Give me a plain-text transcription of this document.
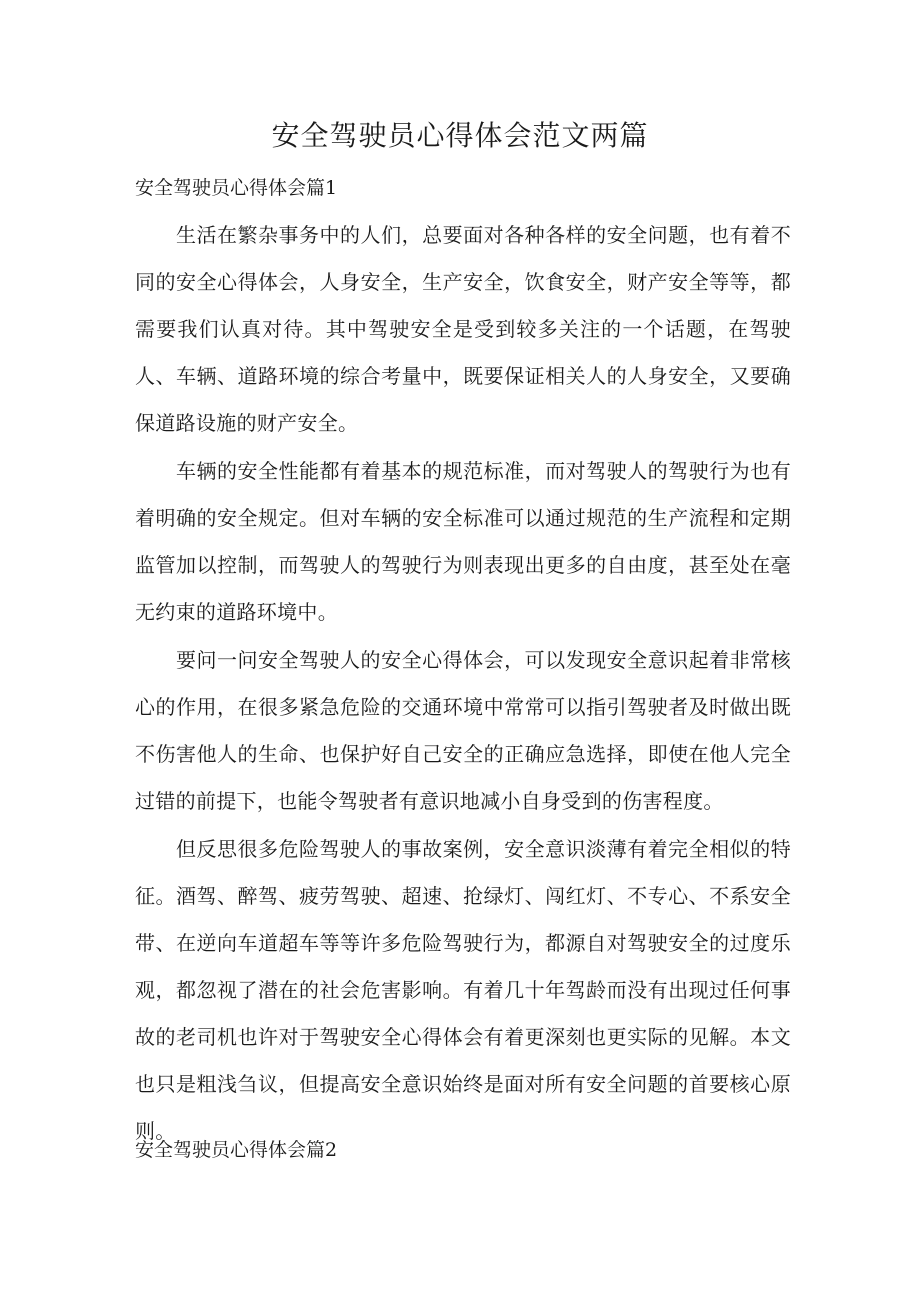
安全驾驶员心得体会范文两篇
安全驾驶员心得体会篇1

生活在繁杂事务中的人们，总要面对各种各样的安全问题，也有着不同的安全心得体会，人身安全，生产安全，饮食安全，财产安全等等，都需要我们认真对待。其中驾驶安全是受到较多关注的一个话题，在驾驶人、车辆、道路环境的综合考量中，既要保证相关人的人身安全，又要确保道路设施的财产安全。

车辆的安全性能都有着基本的规范标准，而对驾驶人的驾驶行为也有着明确的安全规定。但对车辆的安全标准可以通过规范的生产流程和定期监管加以控制，而驾驶人的驾驶行为则表现出更多的自由度，甚至处在毫无约束的道路环境中。

要问一问安全驾驶人的安全心得体会，可以发现安全意识起着非常核心的作用，在很多紧急危险的交通环境中常常可以指引驾驶者及时做出既不伤害他人的生命、也保护好自己安全的正确应急选择，即使在他人完全过错的前提下，也能令驾驶者有意识地减小自身受到的伤害程度。

但反思很多危险驾驶人的事故案例，安全意识淡薄有着完全相似的特征。酒驾、醉驾、疲劳驾驶、超速、抢绿灯、闯红灯、不专心、不系安全带、在逆向车道超车等等许多危险驾驶行为，都源自对驾驶安全的过度乐观，都忽视了潜在的社会危害影响。有着几十年驾龄而没有出现过任何事故的老司机也许对于驾驶安全心得体会有着更深刻也更实际的见解。本文也只是粗浅刍议，但提高安全意识始终是面对所有安全问题的首要核心原则。

安全驾驶员心得体会篇2
